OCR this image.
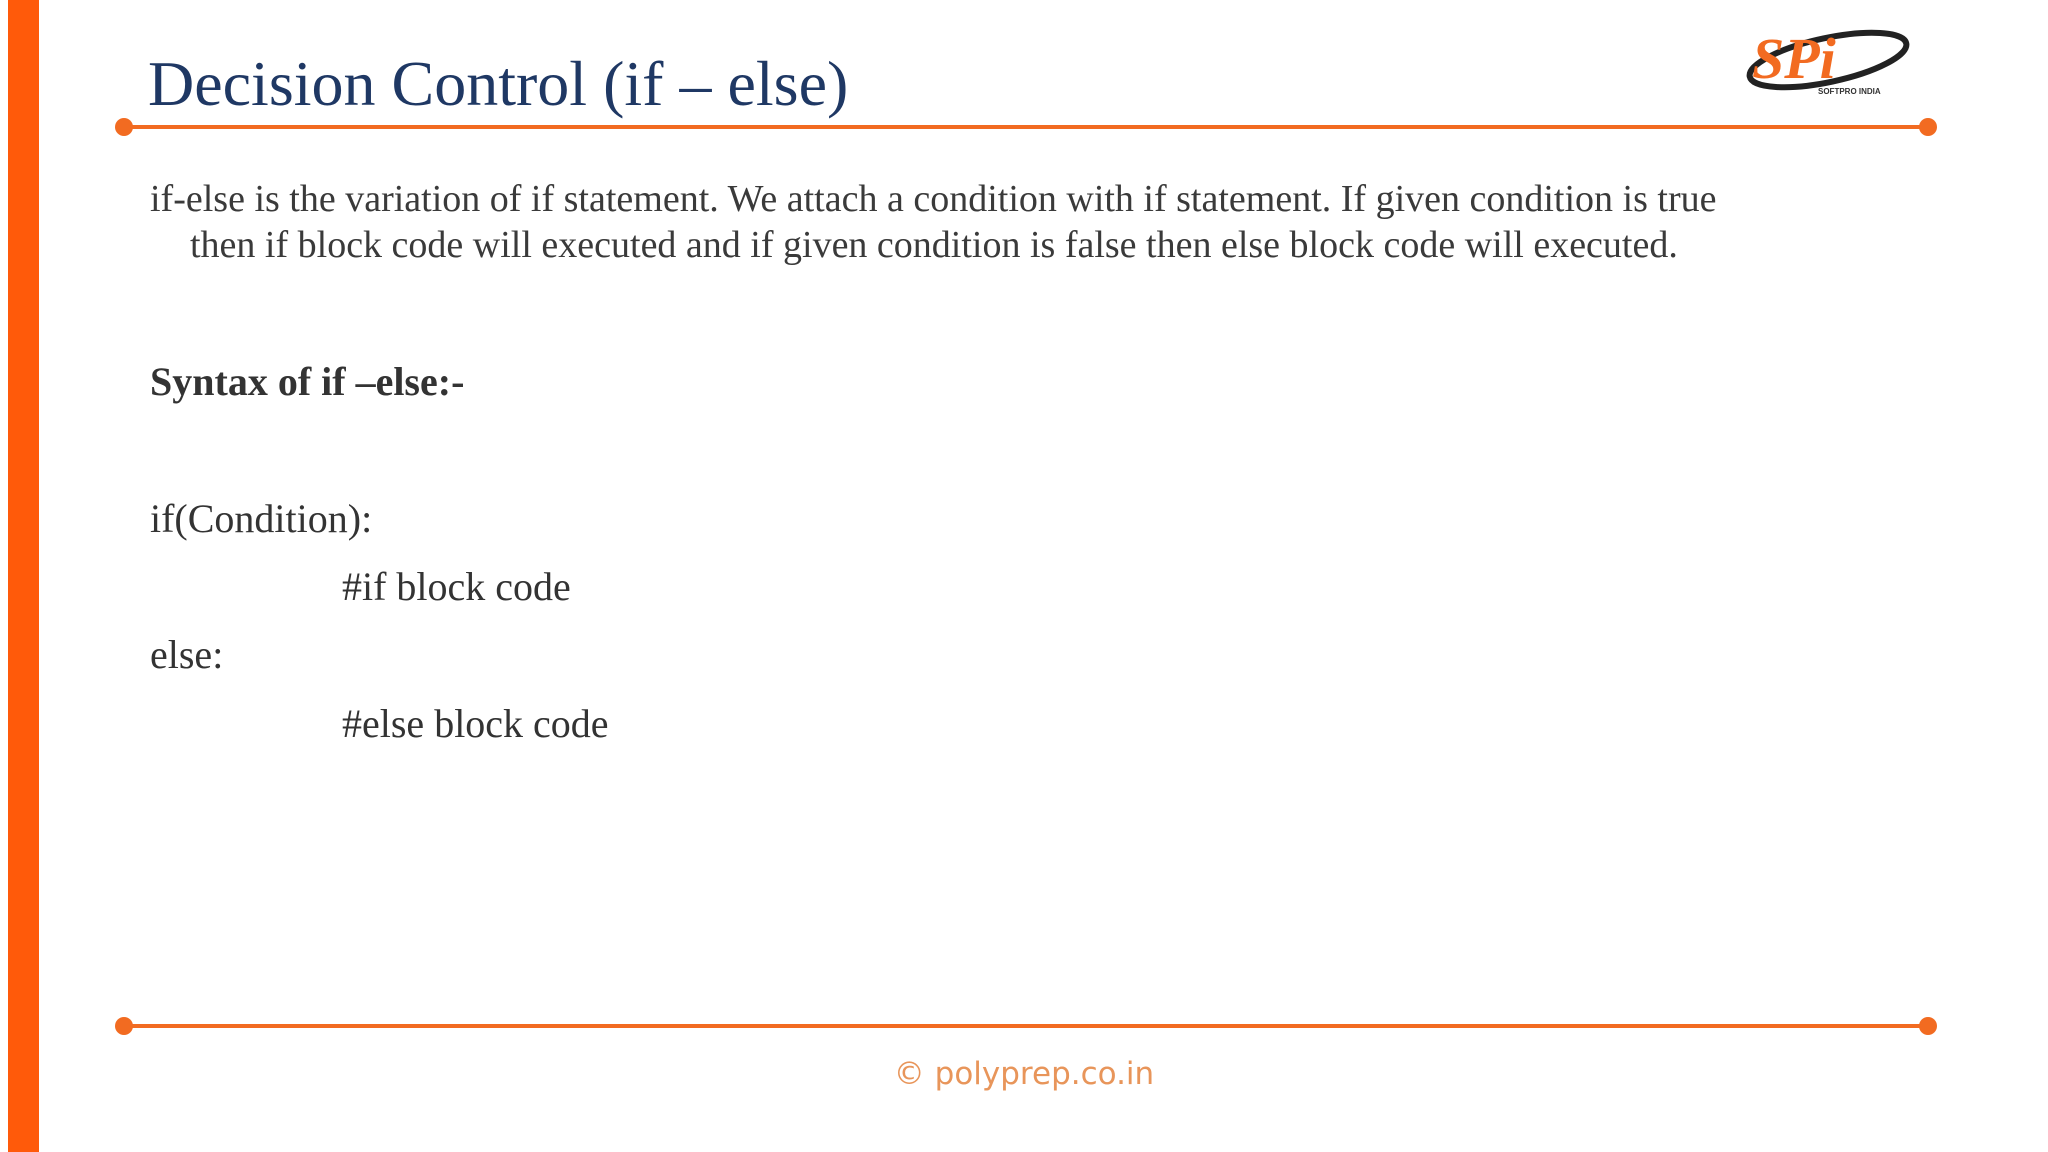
Decision Control (if – else)	SPi
SOFTPRO INDIA
if-else is the variation of if statement. We attach a condition with if statement. If given condition is true
then if block code will executed and if given condition is false then else block code will executed.
Syntax of if –else:-
if(Condition):
#if block code
else:
#else block code
© polyprep.co.in
